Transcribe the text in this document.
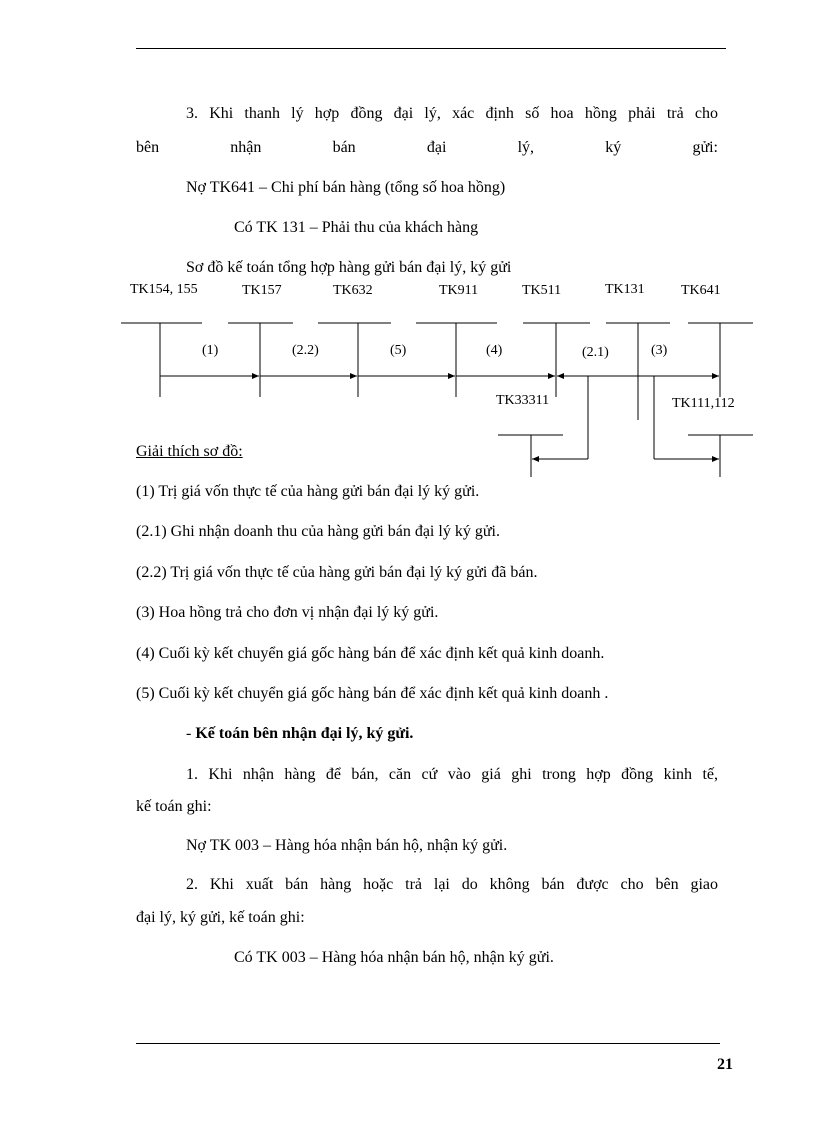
3. Khi thanh lý hợp đồng đại lý, xác định số hoa hồng phải trả cho
bên nhận bán đại lý, ký gửi:
Nợ TK641 – Chi phí bán hàng (tổng số hoa hồng)
Có TK 131 – Phải thu của khách hàng
Sơ đồ kế toán tổng hợp hàng gửi bán đại lý, ký gửi
TK154, 155	TK157	TK632	TK911	TK511	TK131	TK641
TK33311	TK111,112
(1)	(2.2)	(5)	(4)	(2.1)	(3)
Giải thích sơ đồ:
(1) Trị giá vốn thực tế của hàng gửi bán đại lý ký gửi.
(2.1) Ghi nhận doanh thu của hàng gửi bán đại lý ký gửi.
(2.2) Trị giá vốn thực tế của hàng gửi bán đại lý ký gửi đã bán.
(3) Hoa hồng trả cho đơn vị nhận đại lý ký gửi.
(4) Cuối kỳ kết chuyển giá gốc hàng bán để xác định kết quả kinh doanh.
(5) Cuối kỳ kết chuyển giá gốc hàng bán để xác định kết quả kinh doanh .
- Kế toán bên nhận đại lý, ký gửi.
1. Khi nhận hàng để bán, căn cứ vào giá ghi trong hợp đồng kinh tế,
kế toán ghi:
Nợ TK 003 – Hàng hóa nhận bán hộ, nhận ký gửi.
2. Khi xuất bán hàng hoặc trả lại do không bán được cho bên giao
đại lý, ký gửi, kế toán ghi:
Có TK 003 – Hàng hóa nhận bán hộ, nhận ký gửi.
21
